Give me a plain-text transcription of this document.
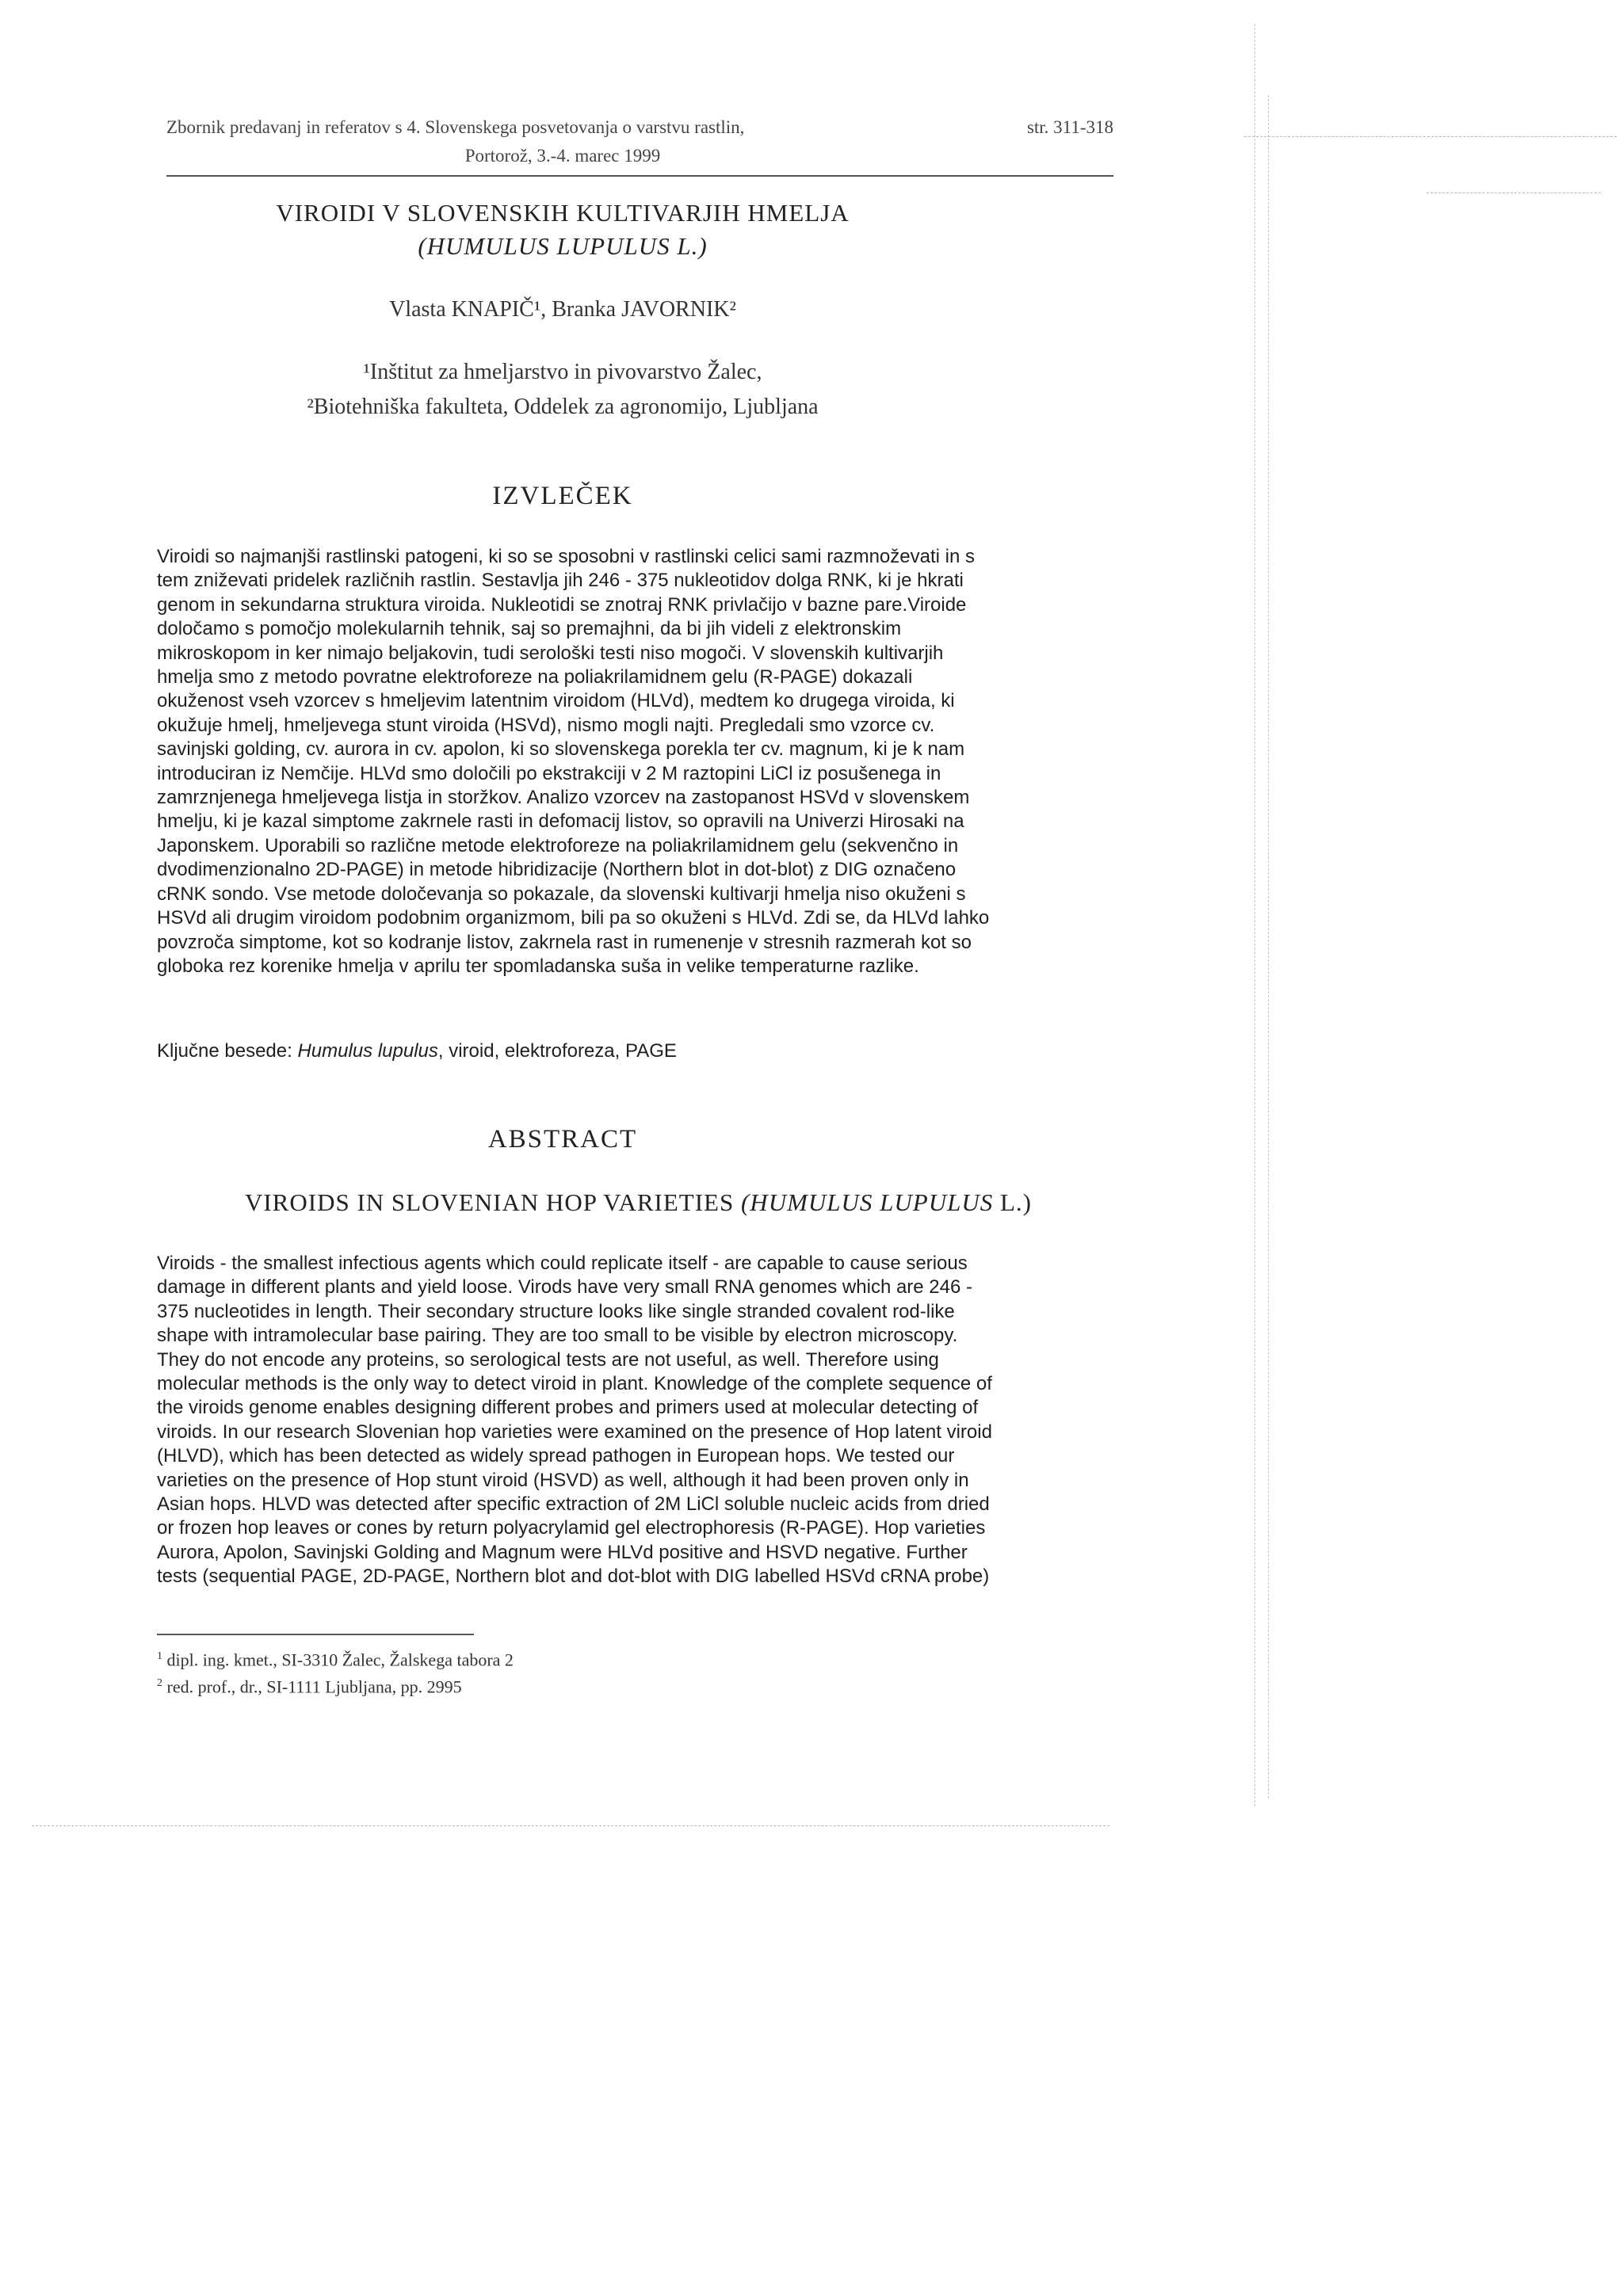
Zbornik predavanj in referatov s 4. Slovenskega posvetovanja o varstvu rastlin,
Portorož, 3.-4. marec 1999
str. 311-318
VIROIDI V SLOVENSKIH KULTIVARJIH HMELJA
(HUMULUS LUPULUS L.)
Vlasta KNAPIČ¹, Branka JAVORNIK²
¹Inštitut za hmeljarstvo in pivovarstvo Žalec,
²Biotehniška fakulteta, Oddelek za agronomijo, Ljubljana
IZVLEČEK
Viroidi so najmanjši rastlinski patogeni, ki so se sposobni v rastlinski celici sami razmnoževati in s
tem zniževati pridelek različnih rastlin. Sestavlja jih 246 - 375 nukleotidov dolga RNK, ki je hkrati
genom in sekundarna struktura viroida. Nukleotidi se znotraj RNK privlačijo v bazne pare.Viroide
določamo s pomočjo molekularnih tehnik, saj so premajhni, da bi jih videli z elektronskim
mikroskopom in ker nimajo beljakovin, tudi serološki testi niso mogoči. V slovenskih kultivarjih
hmelja smo z metodo povratne elektroforeze na poliakrilamidnem gelu (R-PAGE) dokazali
okuženost vseh vzorcev s hmeljevim latentnim viroidom (HLVd), medtem ko drugega viroida, ki
okužuje hmelj, hmeljevega stunt viroida (HSVd), nismo mogli najti. Pregledali smo vzorce cv.
savinjski golding, cv. aurora in cv. apolon, ki so slovenskega porekla ter cv. magnum, ki je k nam
introduciran iz Nemčije. HLVd smo določili po ekstrakciji v 2 M raztopini LiCl iz posušenega in
zamrznjenega hmeljevega listja in storžkov. Analizo vzorcev na zastopanost HSVd v slovenskem
hmelju, ki je kazal simptome zakrnele rasti in defomacij listov, so opravili na Univerzi Hirosaki na
Japonskem. Uporabili so različne metode elektroforeze na poliakrilamidnem gelu (sekvenčno in
dvodimenzionalno 2D-PAGE) in metode hibridizacije (Northern blot in dot-blot) z DIG označeno
cRNK sondo. Vse metode določevanja so pokazale, da slovenski kultivarji hmelja niso okuženi s
HSVd ali drugim viroidom podobnim organizmom, bili pa so okuženi s HLVd. Zdi se, da HLVd lahko
povzroča simptome, kot so kodranje listov, zakrnela rast in rumenenje v stresnih razmerah kot so
globoka rez korenike hmelja v aprilu ter spomladanska suša in velike temperaturne razlike.
Ključne besede: Humulus lupulus, viroid, elektroforeza, PAGE
ABSTRACT
VIROIDS IN SLOVENIAN HOP VARIETIES (HUMULUS LUPULUS L.)
Viroids - the smallest infectious agents which could replicate itself - are capable to cause serious
damage in different plants and yield loose. Virods have very small RNA genomes which are 246 -
375 nucleotides in length. Their secondary structure looks like single stranded covalent rod-like
shape with intramolecular base pairing. They are too small to be visible by electron microscopy.
They do not encode any proteins, so serological tests are not useful, as well. Therefore using
molecular methods is the only way to detect viroid in plant. Knowledge of the complete sequence of
the viroids genome enables designing different probes and primers used at molecular detecting of
viroids. In our research Slovenian hop varieties were examined on the presence of Hop latent viroid
(HLVD), which has been detected as widely spread pathogen in European hops. We tested our
varieties on the presence of Hop stunt viroid (HSVD) as well, although it had been proven only in
Asian hops. HLVD was detected after specific extraction of 2M LiCl soluble nucleic acids from dried
or frozen hop leaves or cones by return polyacrylamid gel electrophoresis (R-PAGE). Hop varieties
Aurora, Apolon, Savinjski Golding and Magnum were HLVd positive and HSVD negative. Further
tests (sequential PAGE, 2D-PAGE, Northern blot and dot-blot with DIG labelled HSVd cRNA probe)
$^1$ dipl. ing. kmet., SI-3310 Žalec, Žalskega tabora 2
$^2$ red. prof., dr., SI-1111 Ljubljana, pp. 2995
